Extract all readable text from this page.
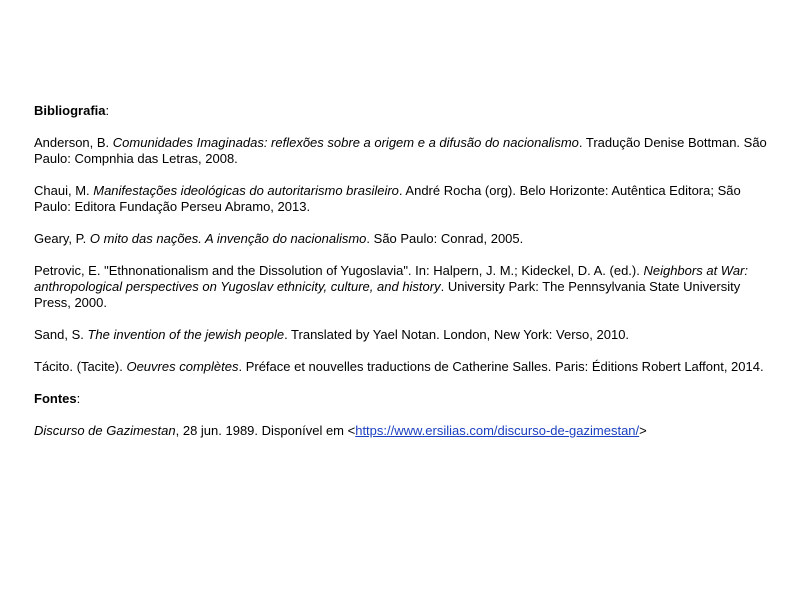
Bibliografia:

Anderson, B. Comunidades Imaginadas: reflexões sobre a origem e a difusão do nacionalismo. Tradução Denise Bottman. São Paulo: Compnhia das Letras, 2008.

Chaui, M. Manifestações ideológicas do autoritarismo brasileiro. André Rocha (org). Belo Horizonte: Autêntica Editora; São Paulo: Editora Fundação Perseu Abramo, 2013.

Geary, P. O mito das nações. A invenção do nacionalismo. São Paulo: Conrad, 2005.

Petrovic, E. "Ethnonationalism and the Dissolution of Yugoslavia". In: Halpern, J. M.; Kideckel, D. A. (ed.). Neighbors at War: anthropological perspectives on Yugoslav ethnicity, culture, and history. University Park: The Pennsylvania State University Press, 2000.

Sand, S. The invention of the jewish people. Translated by Yael Notan. London, New York: Verso, 2010.

Tácito. (Tacite). Oeuvres complètes. Préface et nouvelles traductions de Catherine Salles. Paris: Éditions Robert Laffont, 2014.

Fontes:

Discurso de Gazimestan, 28 jun. 1989. Disponível em <https://www.ersilias.com/discurso-de-gazimestan/>
